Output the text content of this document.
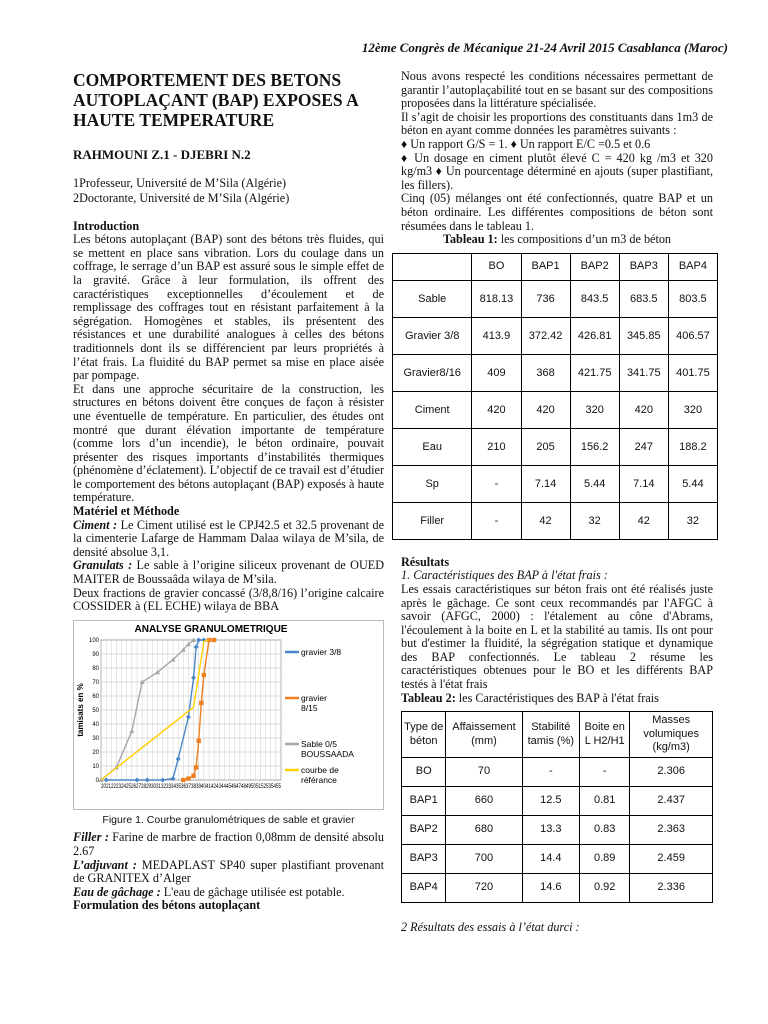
12ème Congrès de Mécanique 21-24 Avril 2015 Casablanca (Maroc)
COMPORTEMENT DES BETONS AUTOPLAÇANT (BAP) EXPOSES A HAUTE TEMPERATURE
RAHMOUNI Z.1 - DJEBRI N.2
1Professeur, Université de M’Sila (Algérie)
2Doctorante, Université de M’Sila (Algérie)

Introduction

Les bétons autoplaçant (BAP) sont des bétons très fluides, qui se mettent en place sans vibration. Lors du coulage dans un coffrage, le serrage d’un BAP est assuré sous le simple effet de la gravité. Grâce à leur formulation, ils offrent des caractéristiques exceptionnelles d’écoulement et de remplissage des coffrages tout en résistant parfaitement à la ségrégation. Homogènes et stables, ils présentent des résistances et une durabilité analogues à celles des bétons traditionnels dont ils se différencient par leurs propriétés à l’état frais. La fluidité du BAP permet sa mise en place aisée par pompage.

Et dans une approche sécuritaire de la construction, les structures en bétons doivent être conçues de façon à résister une éventuelle de température. En particulier, des études ont montré que durant élévation importante de température (comme lors d’un incendie), le béton ordinaire, pouvait présenter des risques importants d’instabilités thermiques (phénomène d’éclatement). L’objectif de ce travail est d’étudier le comportement des bétons autoplaçant (BAP) exposés à haute température.

Matériel et Méthode

Ciment : Le Ciment utilisé est le CPJ42.5 et 32.5 provenant de la cimenterie Lafarge de Hammam Dalaa wilaya de M’sila, de densité absolue 3,1.

Granulats : Le sable à l’origine siliceux provenant de OUED MAITER de Boussaâda wilaya de M’sila.

Deux fractions de gravier concassé (3/8,8/16) l’origine calcaire COSSIDER à (EL ECHE) wilaya de BBA

0
10
20
30
40
50
60
70
80
90
100
202122232425262728293031323334353637383940414243444546474849505152535455
ANALYSE GRANULOMETRIQUE
tamisats en %
gravier 3/8
gravier 8/15
Sable 0/5 BOUSSAADA
courbe de référance
Figure 1. Courbe granulométriques de sable et gravier

Filler : Farine de marbre de fraction 0,08mm de densité absolu 2.67

L’adjuvant : MEDAPLAST SP40 super plastifiant provenant de GRANITEX d’Alger

Eau de gâchage : L'eau de gâchage utilisée est potable.

Formulation des bétons autoplaçant

Nous avons respecté les conditions nécessaires permettant de garantir l’autoplaçabilité tout en se basant sur des compositions proposées dans la littérature spécialisée.

Il s’agit de choisir les proportions des constituants dans 1m3 de béton en ayant comme données les paramètres suivants :

♦ Un rapport G/S = 1. ♦ Un rapport E/C =0.5 et 0.6

♦ Un dosage en ciment plutôt élevé C = 420 kg /m3 et 320 kg/m3 ♦ Un pourcentage déterminé en ajouts (super plastifiant, les fillers).

Cinq (05) mélanges ont été confectionnés, quatre BAP et un béton ordinaire. Les différentes compositions de béton sont résumées dans le tableau 1.

Tableau 1: les compositions d’un m3 de béton

	BO	BAP1	BAP2	BAP3	BAP4
Sable	818.13	736	843.5	683.5	803.5
Gravier 3/8	413.9	372.42	426.81	345.85	406.57
Gravier8/16	409	368	421.75	341.75	401.75
Ciment	420	420	320	420	320
Eau	210	205	156.2	247	188.2
Sp	-	7.14	5.44	7.14	5.44
Filler	-	42	32	42	32

Résultats

1. Caractéristiques des BAP à l'état frais :

Les essais caractéristiques sur béton frais ont été réalisés juste après le gâchage. Ce sont ceux recommandés par l'AFGC à savoir (AFGC, 2000) : l'étalement au cône d'Abrams, l'écoulement à la boite en L et la stabilité au tamis. Ils ont pour but d'estimer la fluidité, la ségrégation statique et dynamique des BAP confectionnés. Le tableau 2 résume les caractéristiques obtenues pour le BO et les différents BAP testés à l'état frais

Tableau 2: les Caractéristiques des BAP à l'état frais

Type de béton	Affaissement (mm)	Stabilité tamis (%)	Boite en L H2/H1	Masses volumiques (kg/m3)
BO	70	-	-	2.306
BAP1	660	12.5	0.81	2.437
BAP2	680	13.3	0.83	2.363
BAP3	700	14.4	0.89	2.459
BAP4	720	14.6	0.92	2.336

2 Résultats des essais à l’état durci :
